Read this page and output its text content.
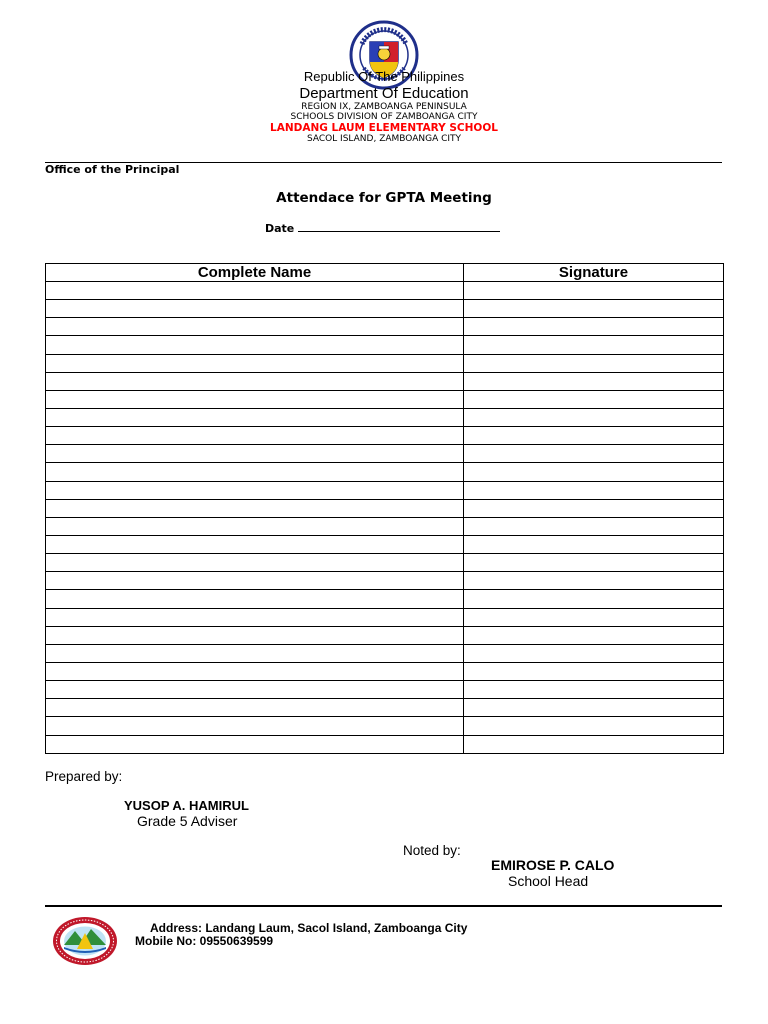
Republic Of The Philippines
Department Of Education
REGION IX, ZAMBOANGA PENINSULA
SCHOOLS DIVISION OF ZAMBOANGA CITY
LANDANG LAUM ELEMENTARY SCHOOL
SACOL ISLAND, ZAMBOANGA CITY
Office of the Principal
Attendace for GPTA Meeting
Date
Complete Name	Signature

Prepared by:
YUSOP A. HAMIRUL
Grade 5 Adviser
Noted by:
EMIROSE P. CALO
School Head
Address: Landang Laum, Sacol Island, Zamboanga City
Mobile No: 09550639599
